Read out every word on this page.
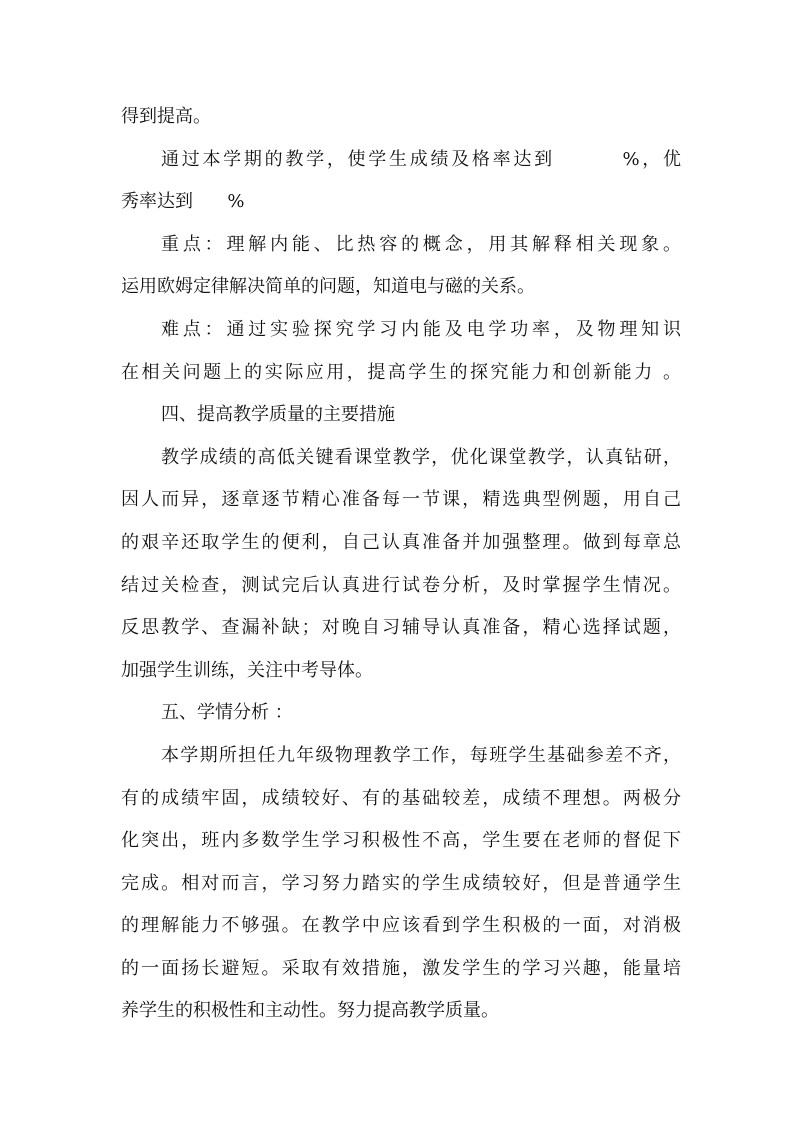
得到提高。
通过本学期的教学，使学生成绩及格率达到        %，优
秀率达到      %
重点：理解内能、比热容的概念，用其解释相关现象。
运用欧姆定律解决简单的问题，知道电与磁的关系。
难点：通过实验探究学习内能及电学功率，及物理知识
在相关问题上的实际应用，提高学生的探究能力和创新能力 。
四、提高教学质量的主要措施
教学成绩的高低关键看课堂教学，优化课堂教学，认真钻研，
因人而异，逐章逐节精心准备每一节课，精选典型例题，用自己
的艰辛还取学生的便利，自己认真准备并加强整理。做到每章总
结过关检查，测试完后认真进行试卷分析，及时掌握学生情况。
反思教学、查漏补缺；对晚自习辅导认真准备，精心选择试题，
加强学生训练，关注中考导体。
五、学情分析 ：
本学期所担任九年级物理教学工作，每班学生基础参差不齐，
有的成绩牢固，成绩较好、有的基础较差，成绩不理想。两极分
化突出，班内多数学生学习积极性不高，学生要在老师的督促下
完成。相对而言，学习努力踏实的学生成绩较好，但是普通学生
的理解能力不够强。在教学中应该看到学生积极的一面，对消极
的一面扬长避短。采取有效措施，激发学生的学习兴趣，能量培
养学生的积极性和主动性。努力提高教学质量。
